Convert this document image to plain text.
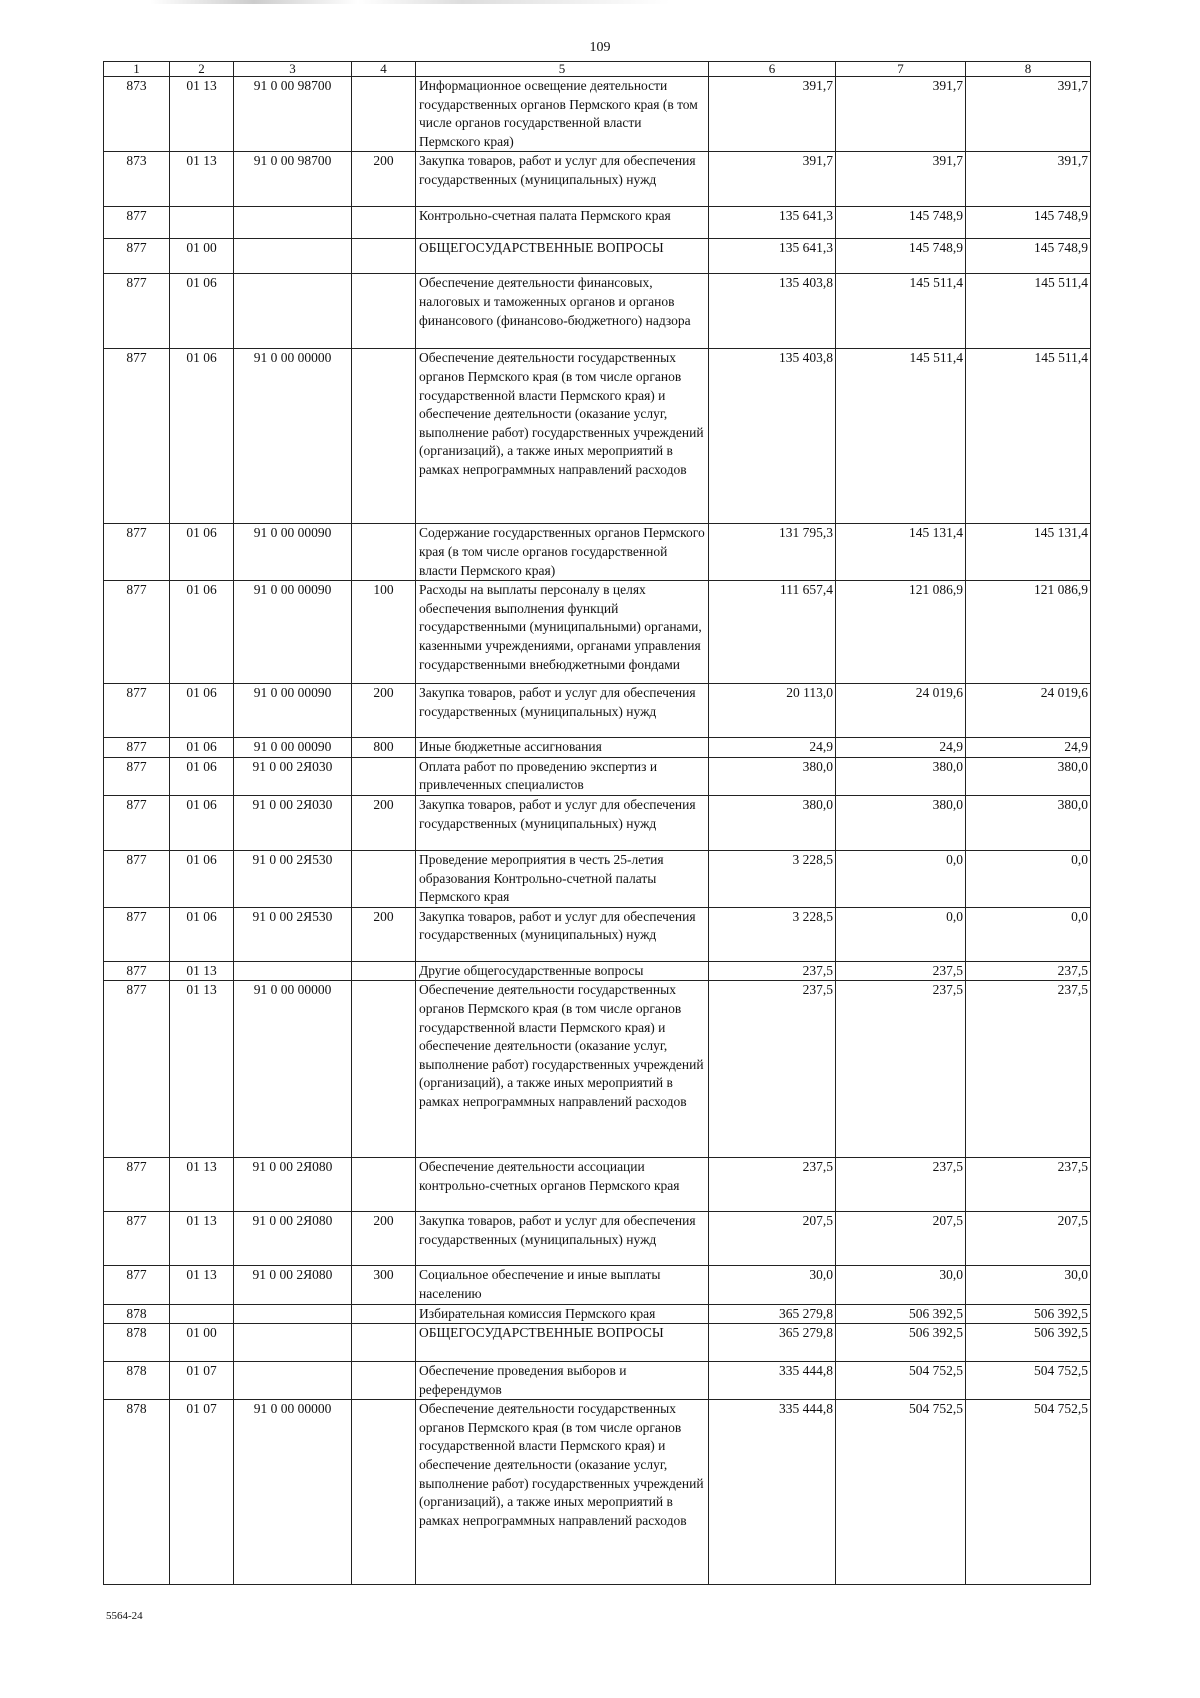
109
1	2	3	4	5	6	7	8
873	01 13	91 0 00 98700		Информационное освещение деятельности государственных органов Пермского края (в том числе органов государственной власти Пермского края)	391,7	391,7	391,7
873	01 13	91 0 00 98700	200	Закупка товаров, работ и услуг для обеспечения государственных (муниципальных) нужд	391,7	391,7	391,7
877				Контрольно-счетная палата Пермского края	135 641,3	145 748,9	145 748,9
877	01 00			ОБЩЕГОСУДАРСТВЕННЫЕ ВОПРОСЫ	135 641,3	145 748,9	145 748,9
877	01 06			Обеспечение деятельности финансовых, налоговых и таможенных органов и органов финансового (финансово-бюджетного) надзора	135 403,8	145 511,4	145 511,4
877	01 06	91 0 00 00000		Обеспечение деятельности государственных органов Пермского края (в том числе органов государственной власти Пермского края) и обеспечение деятельности (оказание услуг, выполнение работ) государственных учреждений (организаций), а также иных мероприятий в рамках непрограммных направлений расходов	135 403,8	145 511,4	145 511,4
877	01 06	91 0 00 00090		Содержание государственных органов Пермского края (в том числе органов государственной власти Пермского края)	131 795,3	145 131,4	145 131,4
877	01 06	91 0 00 00090	100	Расходы на выплаты персоналу в целях обеспечения выполнения функций государственными (муниципальными) органами, казенными учреждениями, органами управления государственными внебюджетными фондами	111 657,4	121 086,9	121 086,9
877	01 06	91 0 00 00090	200	Закупка товаров, работ и услуг для обеспечения государственных (муниципальных) нужд	20 113,0	24 019,6	24 019,6
877	01 06	91 0 00 00090	800	Иные бюджетные ассигнования	24,9	24,9	24,9
877	01 06	91 0 00 2Я030		Оплата работ по проведению экспертиз и привлеченных специалистов	380,0	380,0	380,0
877	01 06	91 0 00 2Я030	200	Закупка товаров, работ и услуг для обеспечения государственных (муниципальных) нужд	380,0	380,0	380,0
877	01 06	91 0 00 2Я530		Проведение мероприятия в честь 25-летия образования Контрольно-счетной палаты Пермского края	3 228,5	0,0	0,0
877	01 06	91 0 00 2Я530	200	Закупка товаров, работ и услуг для обеспечения государственных (муниципальных) нужд	3 228,5	0,0	0,0
877	01 13			Другие общегосударственные вопросы	237,5	237,5	237,5
877	01 13	91 0 00 00000		Обеспечение деятельности государственных органов Пермского края (в том числе органов государственной власти Пермского края) и обеспечение деятельности (оказание услуг, выполнение работ) государственных учреждений (организаций), а также иных мероприятий в рамках непрограммных направлений расходов	237,5	237,5	237,5
877	01 13	91 0 00 2Я080		Обеспечение деятельности ассоциации контрольно-счетных органов Пермского края	237,5	237,5	237,5
877	01 13	91 0 00 2Я080	200	Закупка товаров, работ и услуг для обеспечения государственных (муниципальных) нужд	207,5	207,5	207,5
877	01 13	91 0 00 2Я080	300	Социальное обеспечение и иные выплаты населению	30,0	30,0	30,0
878				Избирательная комиссия Пермского края	365 279,8	506 392,5	506 392,5
878	01 00			ОБЩЕГОСУДАРСТВЕННЫЕ ВОПРОСЫ	365 279,8	506 392,5	506 392,5
878	01 07			Обеспечение проведения выборов и референдумов	335 444,8	504 752,5	504 752,5
878	01 07	91 0 00 00000		Обеспечение деятельности государственных органов Пермского края (в том числе органов государственной власти Пермского края) и обеспечение деятельности (оказание услуг, выполнение работ) государственных учреждений (организаций), а также иных мероприятий в рамках непрограммных направлений расходов	335 444,8	504 752,5	504 752,5
5564-24
